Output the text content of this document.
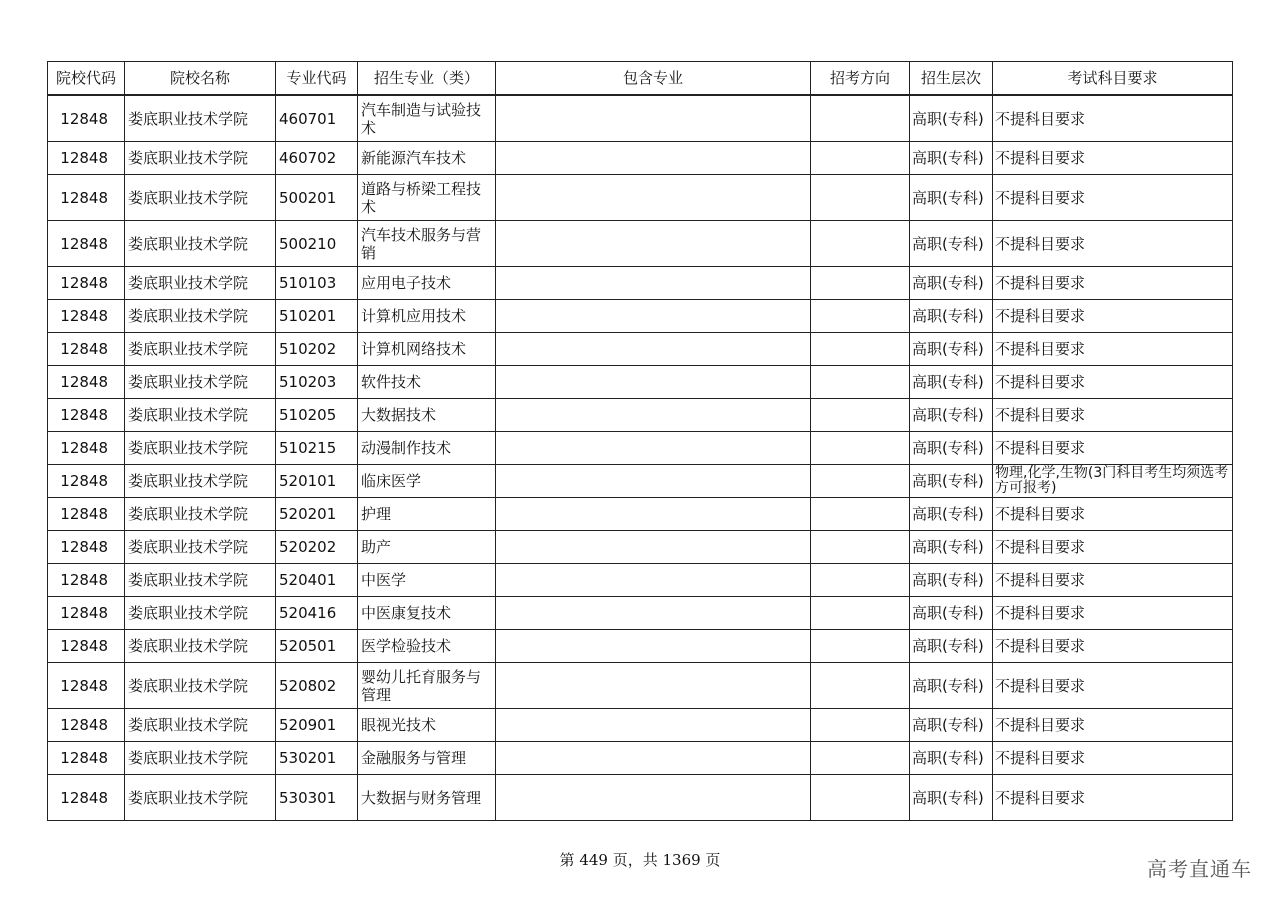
院校代码	院校名称	专业代码	招生专业（类）	包含专业	招考方向	招生层次	考试科目要求
12848	娄底职业技术学院	460701	汽车制造与试验技术			高职(专科)	不提科目要求
12848	娄底职业技术学院	460702	新能源汽车技术			高职(专科)	不提科目要求
12848	娄底职业技术学院	500201	道路与桥梁工程技术			高职(专科)	不提科目要求
12848	娄底职业技术学院	500210	汽车技术服务与营销			高职(专科)	不提科目要求
12848	娄底职业技术学院	510103	应用电子技术			高职(专科)	不提科目要求
12848	娄底职业技术学院	510201	计算机应用技术			高职(专科)	不提科目要求
12848	娄底职业技术学院	510202	计算机网络技术			高职(专科)	不提科目要求
12848	娄底职业技术学院	510203	软件技术			高职(专科)	不提科目要求
12848	娄底职业技术学院	510205	大数据技术			高职(专科)	不提科目要求
12848	娄底职业技术学院	510215	动漫制作技术			高职(专科)	不提科目要求
12848	娄底职业技术学院	520101	临床医学			高职(专科)	物理,化学,生物(3门科目考生均须选考方可报考)
12848	娄底职业技术学院	520201	护理			高职(专科)	不提科目要求
12848	娄底职业技术学院	520202	助产			高职(专科)	不提科目要求
12848	娄底职业技术学院	520401	中医学			高职(专科)	不提科目要求
12848	娄底职业技术学院	520416	中医康复技术			高职(专科)	不提科目要求
12848	娄底职业技术学院	520501	医学检验技术			高职(专科)	不提科目要求
12848	娄底职业技术学院	520802	婴幼儿托育服务与管理			高职(专科)	不提科目要求
12848	娄底职业技术学院	520901	眼视光技术			高职(专科)	不提科目要求
12848	娄底职业技术学院	530201	金融服务与管理			高职(专科)	不提科目要求
12848	娄底职业技术学院	530301	大数据与财务管理			高职(专科)	不提科目要求
第 449 页，共 1369 页	高考直通车
